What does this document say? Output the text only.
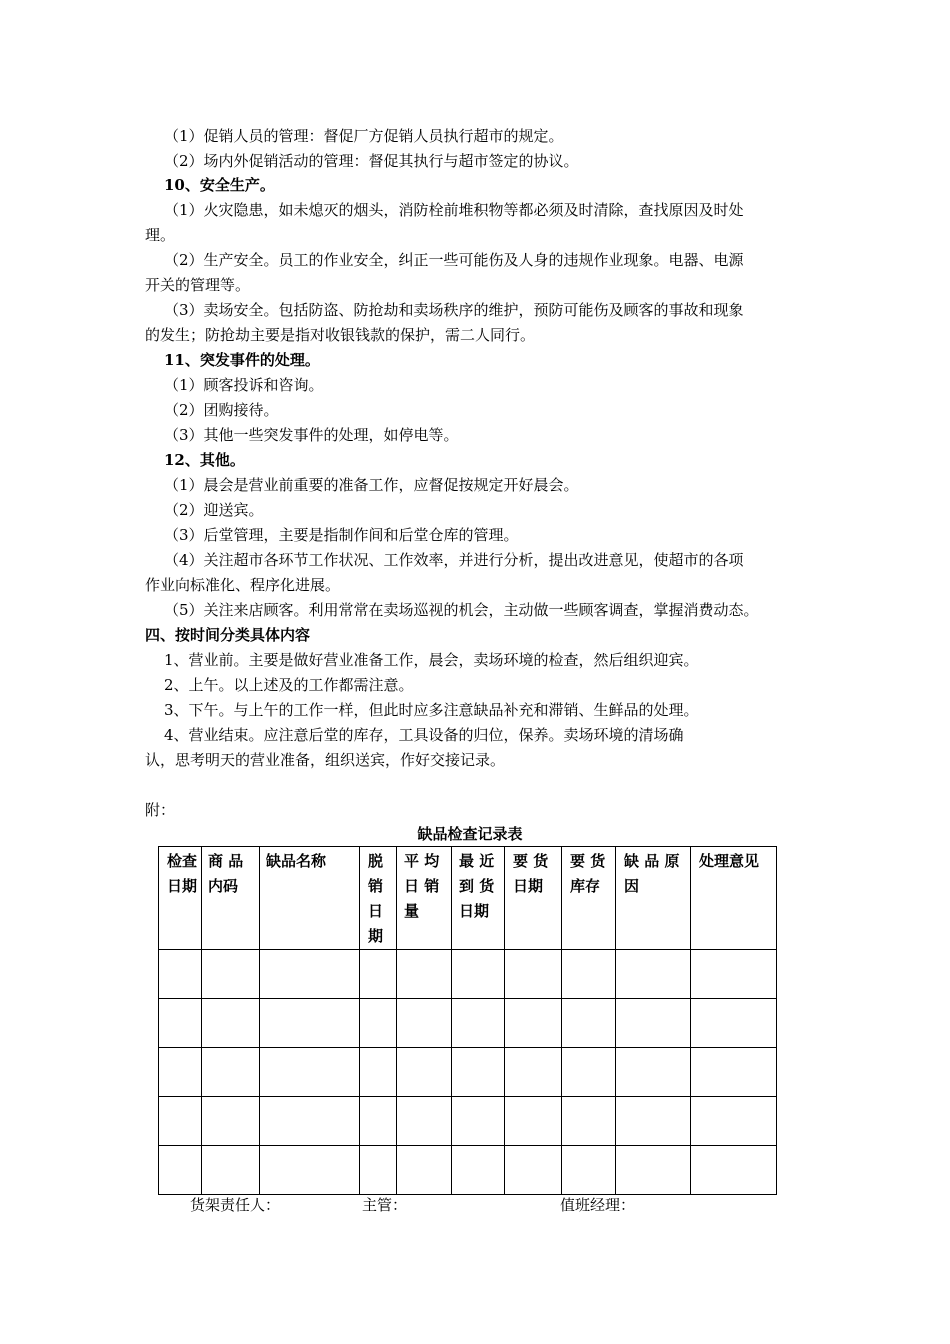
（1）促销人员的管理：督促厂方促销人员执行超市的规定。
（2）场内外促销活动的管理：督促其执行与超市签定的协议。
10、安全生产。
（1）火灾隐患，如未熄灭的烟头，消防栓前堆积物等都必须及时清除，查找原因及时处
理。
（2）生产安全。员工的作业安全，纠正一些可能伤及人身的违规作业现象。电器、电源
开关的管理等。
（3）卖场安全。包括防盗、防抢劫和卖场秩序的维护，预防可能伤及顾客的事故和现象
的发生；防抢劫主要是指对收银钱款的保护，需二人同行。
11、突发事件的处理。
（1）顾客投诉和咨询。
（2）团购接待。
（3）其他一些突发事件的处理，如停电等。
12、其他。
（1）晨会是营业前重要的准备工作，应督促按规定开好晨会。
（2）迎送宾。
（3）后堂管理，主要是指制作间和后堂仓库的管理。
（4）关注超市各环节工作状况、工作效率，并进行分析，提出改进意见，使超市的各项
作业向标准化、程序化进展。
（5）关注来店顾客。利用常常在卖场巡视的机会，主动做一些顾客调查，掌握消费动态。
四、按时间分类具体内容
1、营业前。主要是做好营业准备工作，晨会，卖场环境的检查，然后组织迎宾。
2、上午。以上述及的工作都需注意。
3、下午。与上午的工作一样，但此时应多注意缺品补充和滞销、生鲜品的处理。
4、营业结束。应注意后堂的库存，工具设备的归位，保养。卖场环境的清场确
认，思考明天的营业准备，组织送宾，作好交接记录。
附：
缺品检查记录表
检查日期	商 品内码	缺品名称	脱销日期	平 均日 销量	最 近到 货日期	要 货日期	要 货库存	缺 品 原因	处理意见

货架责任人：	主管：	值班经理：
